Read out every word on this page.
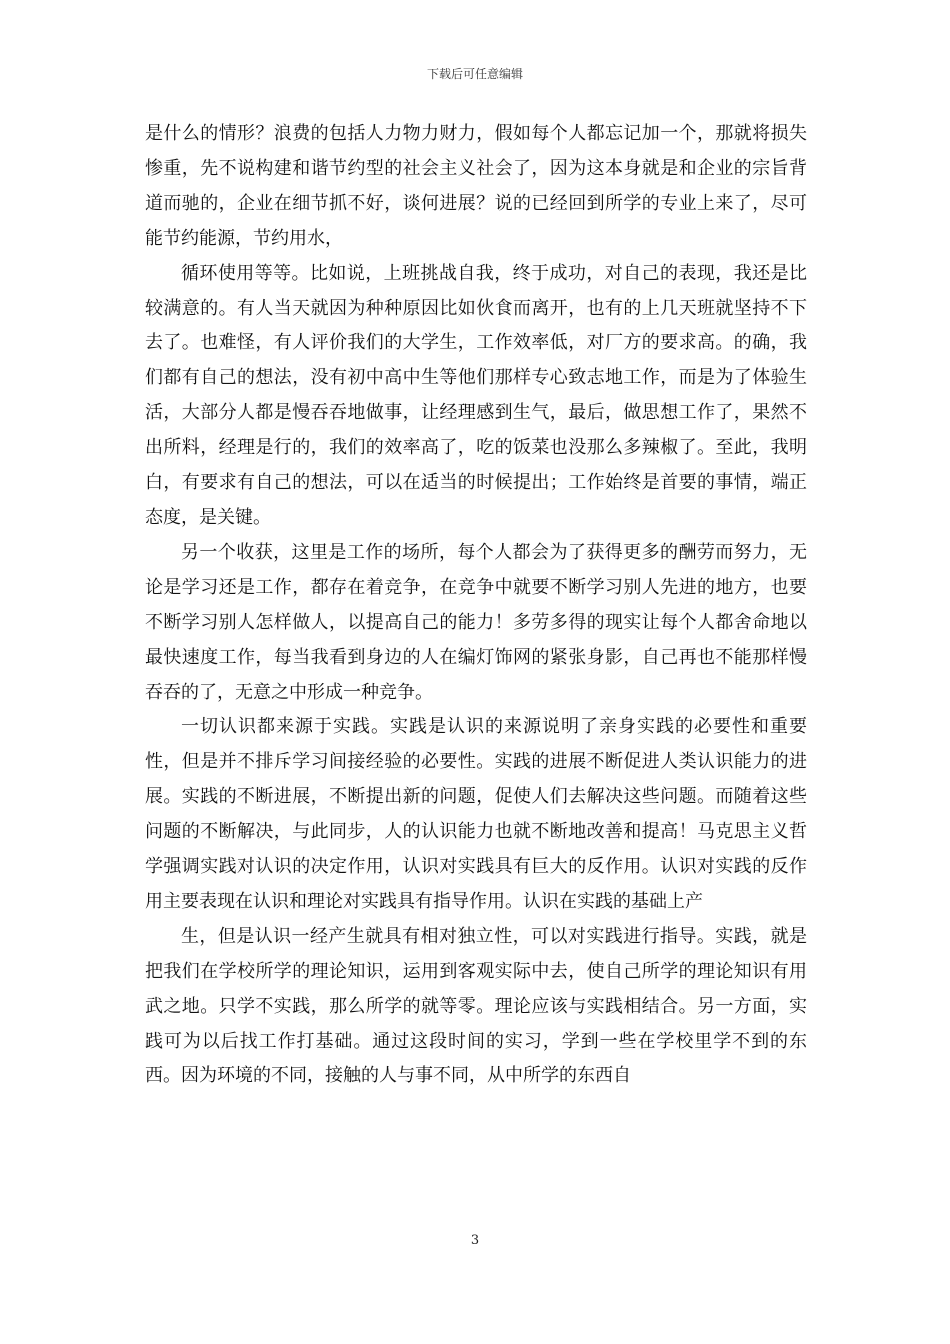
下载后可任意编辑

是什么的情形？浪费的包括人力物力财力，假如每个人都忘记加一个，那就将损失惨重，先不说构建和谐节约型的社会主义社会了，因为这本身就是和企业的宗旨背道而驰的，企业在细节抓不好，谈何进展？说的已经回到所学的专业上来了，尽可能节约能源，节约用水，

循环使用等等。比如说，上班挑战自我，终于成功，对自己的表现，我还是比较满意的。有人当天就因为种种原因比如伙食而离开，也有的上几天班就坚持不下去了。也难怪，有人评价我们的大学生，工作效率低，对厂方的要求高。的确，我们都有自己的想法，没有初中高中生等他们那样专心致志地工作，而是为了体验生活，大部分人都是慢吞吞地做事，让经理感到生气，最后，做思想工作了，果然不出所料，经理是行的，我们的效率高了，吃的饭菜也没那么多辣椒了。至此，我明白，有要求有自己的想法，可以在适当的时候提出；工作始终是首要的事情，端正态度，是关键。

另一个收获，这里是工作的场所，每个人都会为了获得更多的酬劳而努力，无论是学习还是工作，都存在着竞争，在竞争中就要不断学习别人先进的地方，也要不断学习别人怎样做人，以提高自己的能力！多劳多得的现实让每个人都舍命地以最快速度工作，每当我看到身边的人在编灯饰网的紧张身影，自己再也不能那样慢吞吞的了，无意之中形成一种竞争。

一切认识都来源于实践。实践是认识的来源说明了亲身实践的必要性和重要性，但是并不排斥学习间接经验的必要性。实践的进展不断促进人类认识能力的进展。实践的不断进展，不断提出新的问题，促使人们去解决这些问题。而随着这些问题的不断解决，与此同步，人的认识能力也就不断地改善和提高！马克思主义哲学强调实践对认识的决定作用，认识对实践具有巨大的反作用。认识对实践的反作用主要表现在认识和理论对实践具有指导作用。认识在实践的基础上产

生，但是认识一经产生就具有相对独立性，可以对实践进行指导。实践，就是把我们在学校所学的理论知识，运用到客观实际中去，使自己所学的理论知识有用武之地。只学不实践，那么所学的就等零。理论应该与实践相结合。另一方面，实践可为以后找工作打基础。通过这段时间的实习，学到一些在学校里学不到的东西。因为环境的不同，接触的人与事不同，从中所学的东西自

3
